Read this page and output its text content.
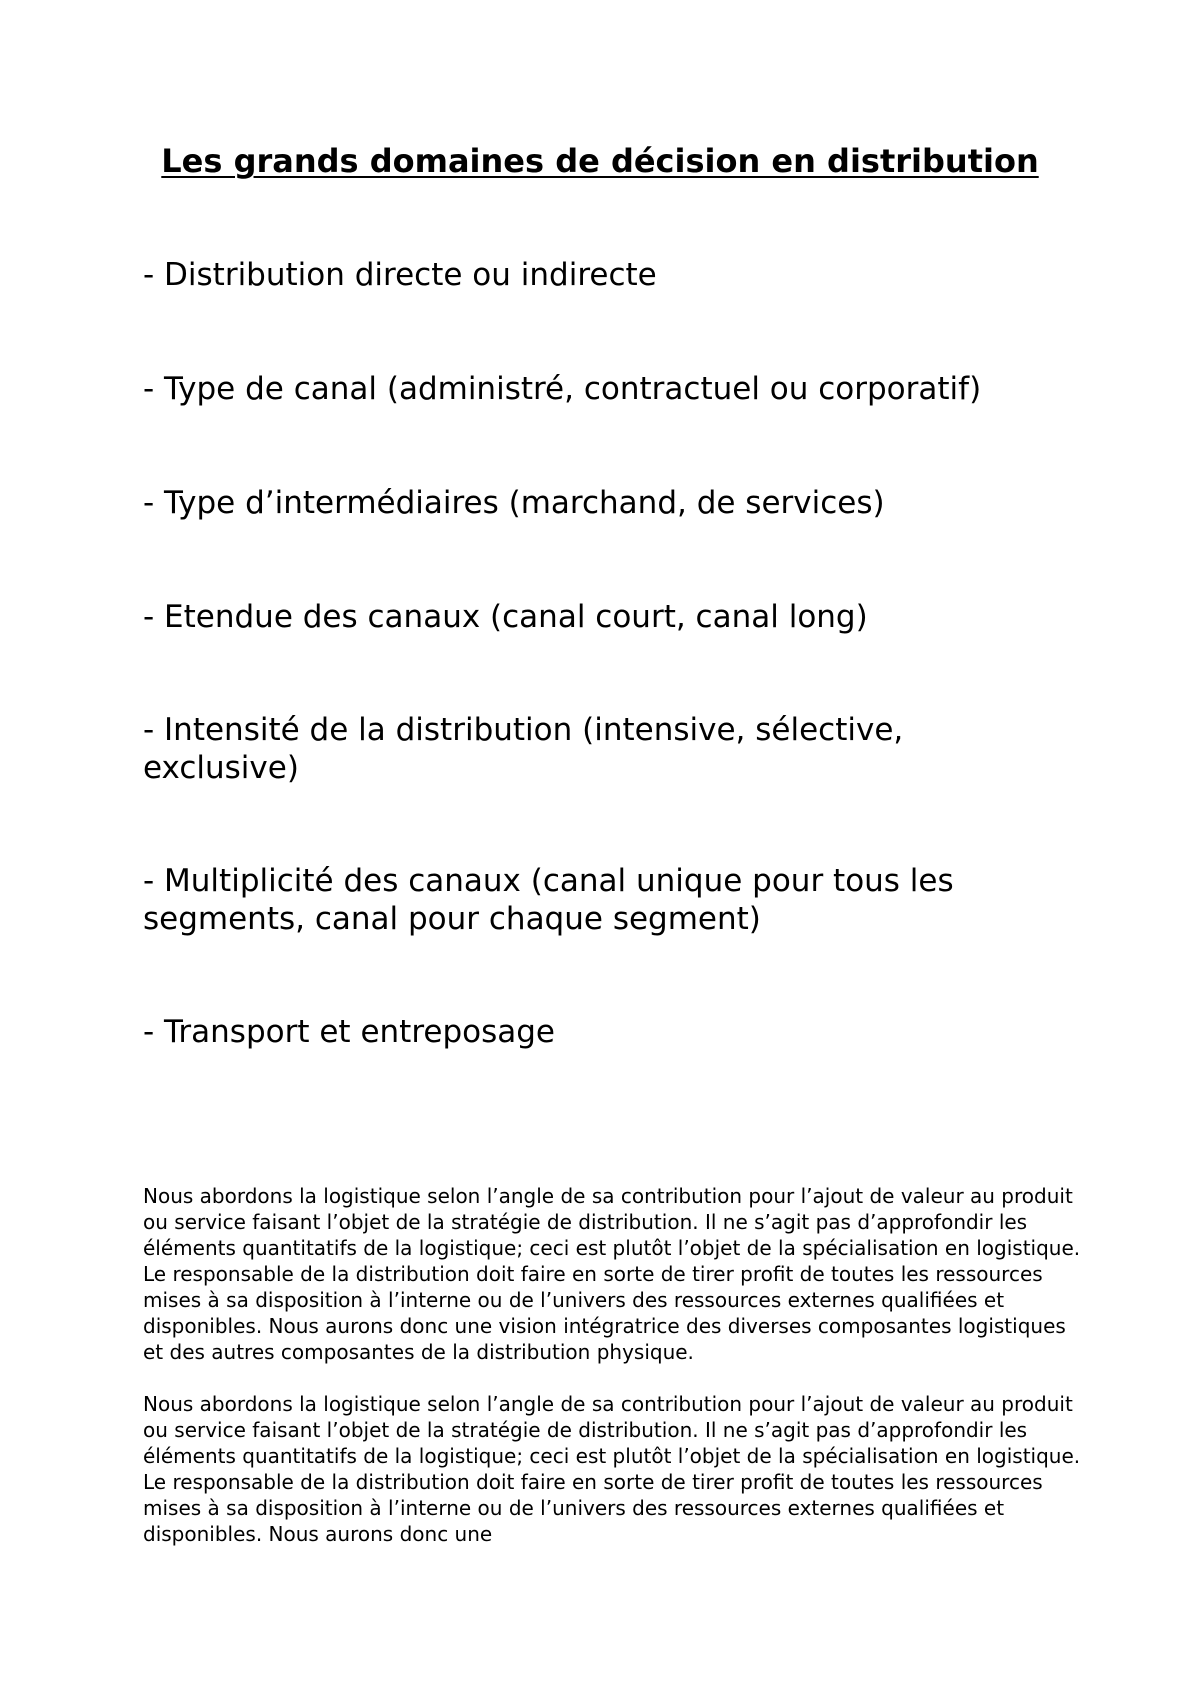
Les grands domaines de décision en distribution

- Distribution directe ou indirecte

- Type de canal (administré, contractuel ou corporatif)

- Type d’intermédiaires (marchand, de services)

- Etendue des canaux (canal court, canal long)

- Intensité de la distribution (intensive, sélective, exclusive)

- Multiplicité des canaux (canal unique pour tous les segments, canal pour chaque segment)

- Transport et entreposage

Nous abordons la logistique selon l’angle de sa contribution pour l’ajout de valeur au produit ou service faisant l’objet de la stratégie de distribution. Il ne s’agit pas d’approfondir les éléments quantitatifs de la logistique; ceci est plutôt l’objet de la spécialisation en logistique. Le responsable de la distribution doit faire en sorte de tirer profit de toutes les ressources mises à sa disposition à l’interne ou de l’univers des ressources externes qualifiées et disponibles. Nous aurons donc une vision intégratrice des diverses composantes logistiques et des autres composantes de la distribution physique.

Nous abordons la logistique selon l’angle de sa contribution pour l’ajout de valeur au produit ou service faisant l’objet de la stratégie de distribution. Il ne s’agit pas d’approfondir les éléments quantitatifs de la logistique; ceci est plutôt l’objet de la spécialisation en logistique. Le responsable de la distribution doit faire en sorte de tirer profit de toutes les ressources mises à sa disposition à l’interne ou de l’univers des ressources externes qualifiées et disponibles. Nous aurons donc une
